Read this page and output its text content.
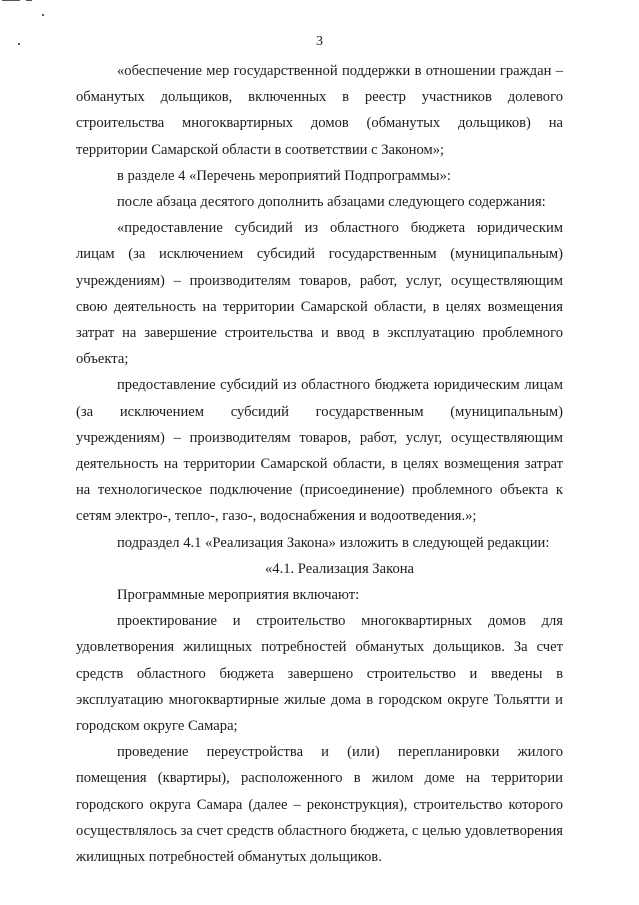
3

«обеспечение мер государственной поддержки в отношении граждан – обманутых дольщиков, включенных в реестр участников долевого строительства многоквартирных домов (обманутых дольщиков) на территории Самарской области в соответствии с Законом»;

в разделе 4 «Перечень мероприятий Подпрограммы»:

после абзаца десятого дополнить абзацами следующего содержания:

«предоставление субсидий из областного бюджета юридическим лицам (за исключением субсидий государственным (муниципальным) учреждениям) – производителям товаров, работ, услуг, осуществляющим свою деятельность на территории Самарской области, в целях возмещения затрат на завершение строительства и ввод в эксплуатацию проблемного объекта;

предоставление субсидий из областного бюджета юридическим лицам (за исключением субсидий государственным (муниципальным) учреждениям) – производителям товаров, работ, услуг, осуществляющим деятельность на территории Самарской области, в целях возмещения затрат на технологическое подключение (присоединение) проблемного объекта к сетям электро-, тепло-, газо-, водоснабжения и водоотведения.»;

подраздел 4.1 «Реализация Закона» изложить в следующей редакции:

«4.1. Реализация Закона

Программные мероприятия включают:

проектирование и строительство многоквартирных домов для удовлетворения жилищных потребностей обманутых дольщиков. За счет средств областного бюджета завершено строительство и введены в эксплуатацию многоквартирные жилые дома в городском округе Тольятти и городском округе Самара;

проведение переустройства и (или) перепланировки жилого помещения (квартиры), расположенного в жилом доме на территории городского округа Самара (далее – реконструкция), строительство которого осуществлялось за счет средств областного бюджета, с целью удовлетворения жилищных потребностей обманутых дольщиков.
